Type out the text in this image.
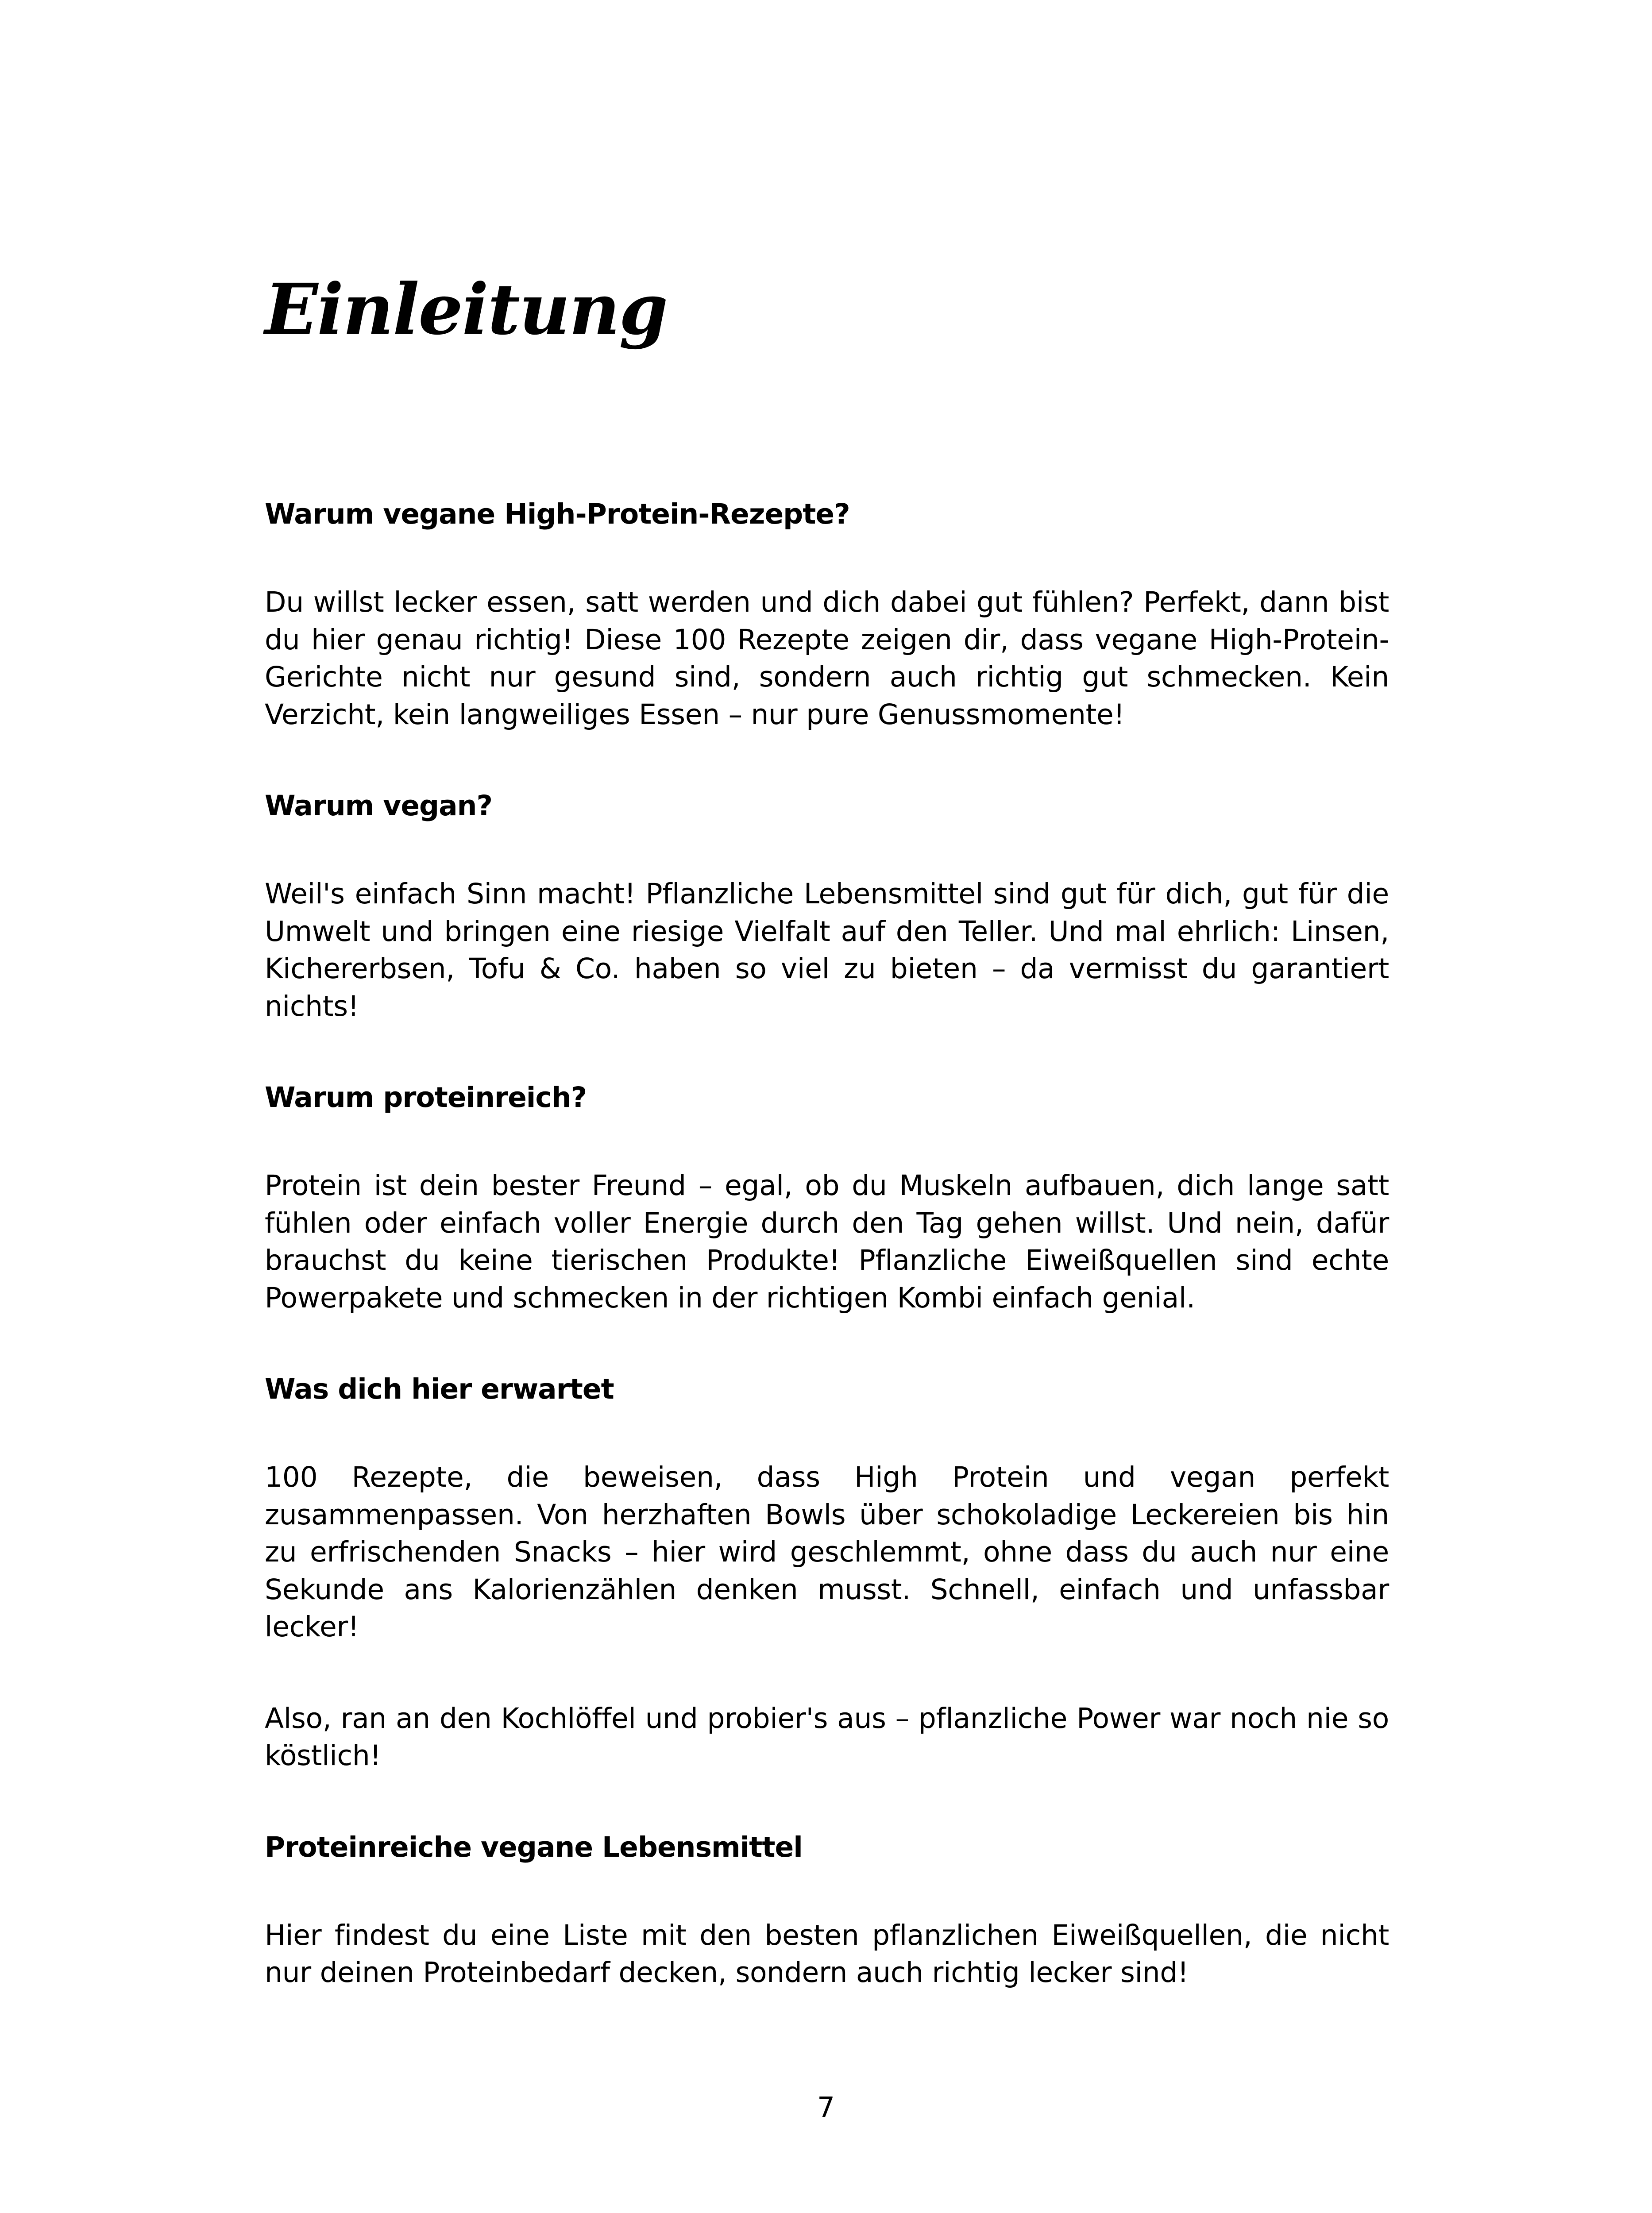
Einleitung
Warum vegane High-Protein-Rezepte?

Du willst lecker essen, satt werden und dich dabei gut fühlen? Perfekt, dann bist du hier genau richtig! Diese 100 Rezepte zeigen dir, dass vegane High-Protein-Gerichte nicht nur gesund sind, sondern auch richtig gut schmecken. Kein Verzicht, kein langweiliges Essen – nur pure Genussmomente!

Warum vegan?

Weil's einfach Sinn macht! Pflanzliche Lebensmittel sind gut für dich, gut für die Umwelt und bringen eine riesige Vielfalt auf den Teller. Und mal ehrlich: Linsen, Kichererbsen, Tofu & Co. haben so viel zu bieten – da vermisst du garantiert nichts!

Warum proteinreich?

Protein ist dein bester Freund – egal, ob du Muskeln aufbauen, dich lange satt fühlen oder einfach voller Energie durch den Tag gehen willst. Und nein, dafür brauchst du keine tierischen Produkte! Pflanzliche Eiweißquellen sind echte Powerpakete und schmecken in der richtigen Kombi einfach genial.

Was dich hier erwartet

100 Rezepte, die beweisen, dass High Protein und vegan perfekt zusammenpassen. Von herzhaften Bowls über schokoladige Leckereien bis hin zu erfrischenden Snacks – hier wird geschlemmt, ohne dass du auch nur eine Sekunde ans Kalorienzählen denken musst. Schnell, einfach und unfassbar lecker!

Also, ran an den Kochlöffel und probier's aus – pflanzliche Power war noch nie so köstlich!

Proteinreiche vegane Lebensmittel

Hier findest du eine Liste mit den besten pflanzlichen Eiweißquellen, die nicht nur deinen Proteinbedarf decken, sondern auch richtig lecker sind!

7
